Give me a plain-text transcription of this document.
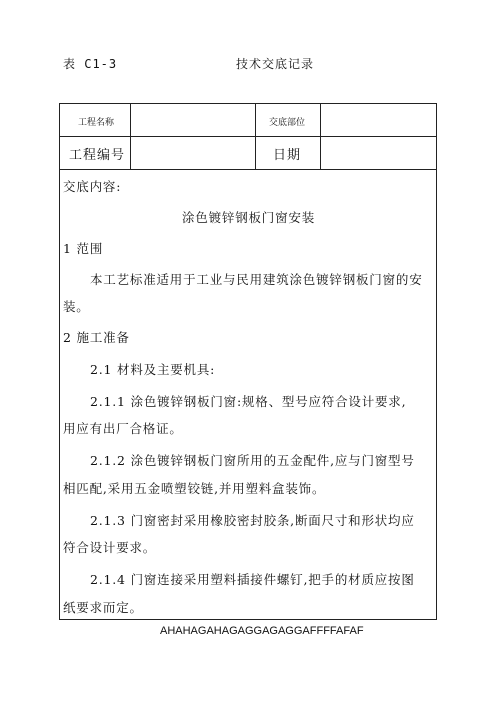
表 C1-3	技术交底记录
工程名称	交底部位
工程编号	日期
交底内容:
涂色镀锌钢板门窗安装
1 范围
本工艺标准适用于工业与民用建筑涂色镀锌钢板门窗的安
装。
2 施工准备
2.1 材料及主要机具:
2.1.1 涂色镀锌钢板门窗:规格、型号应符合设计要求,
用应有出厂合格证。
2.1.2 涂色镀锌钢板门窗所用的五金配件,应与门窗型号
相匹配,采用五金喷塑铰链,并用塑料盒装饰。
2.1.3 门窗密封采用橡胶密封胶条,断面尺寸和形状均应
符合设计要求。
2.1.4 门窗连接采用塑料插接件螺钉,把手的材质应按图
纸要求而定。
AHAHAGAHAGAGGAGAGGAFFFFAFAF
